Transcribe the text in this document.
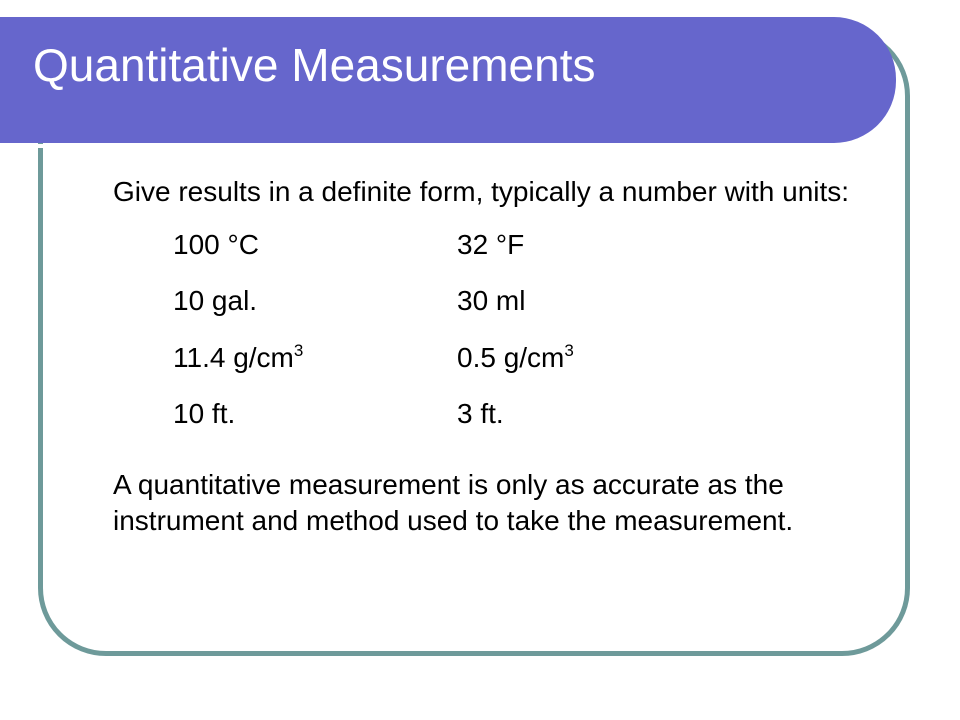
Quantitative Measurements

Give results in a definite form, typically a number with units:

100 °C	32 °F
10 gal.	30 ml
11.4 $g/cm^3$	0.5 $g/cm^3$
10 ft.	3 ft.

A quantitative measurement is only as accurate as the instrument and method used to take the measurement.
